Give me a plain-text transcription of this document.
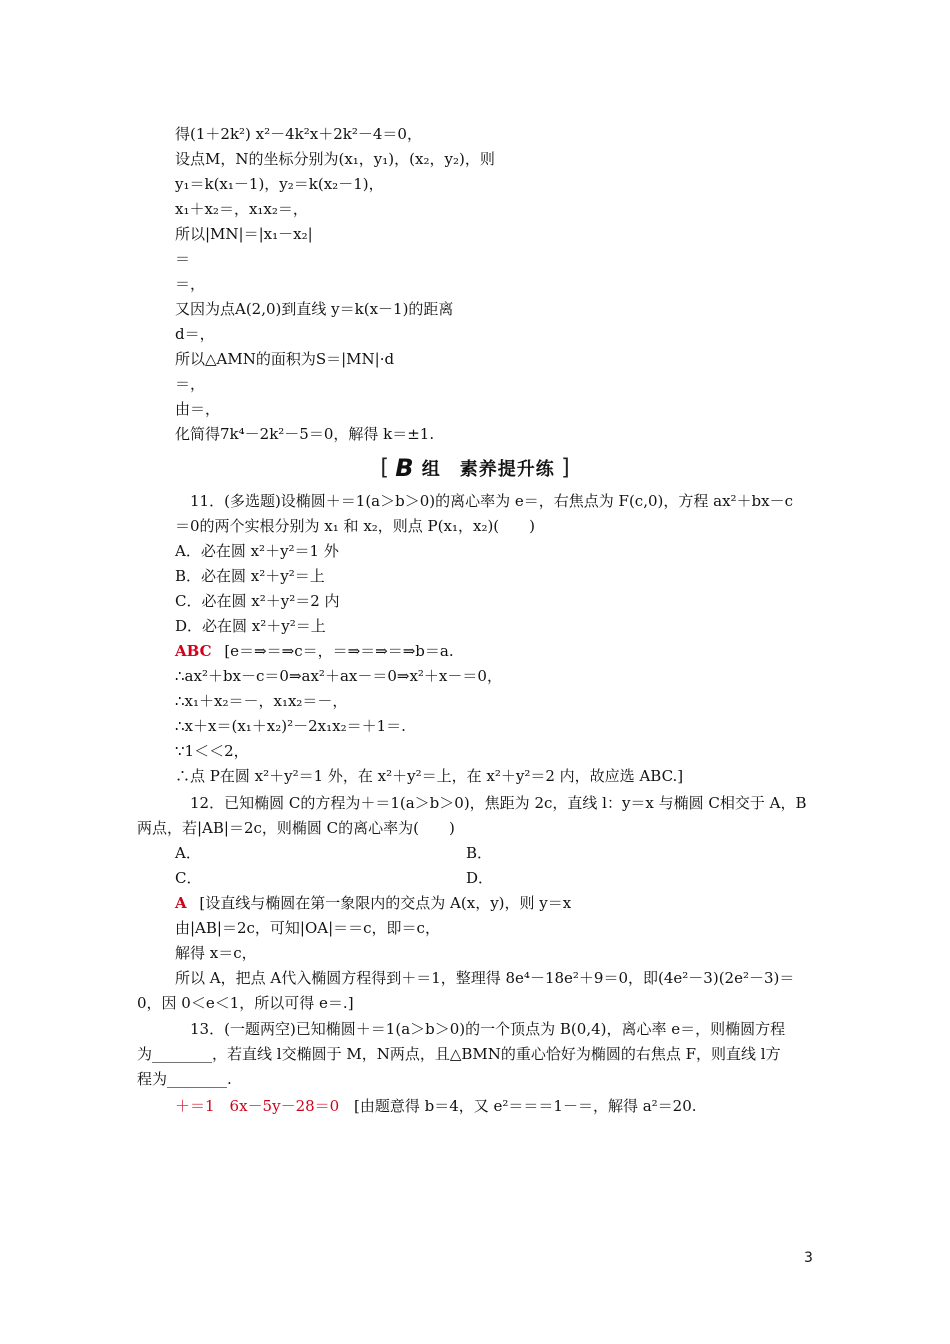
得(1＋2k²) x²－4k²x＋2k²－4＝0，
设点M，N的坐标分别为(x₁，y₁)，(x₂，y₂)，则
y₁＝k(x₁－1)，y₂＝k(x₂－1)，
x₁＋x₂＝，x₁x₂＝，
所以|MN|＝|x₁－x₂|
＝
＝，
又因为点A(2,0)到直线 y＝k(x－1)的距离
d＝，
所以△AMN的面积为S＝|MN|·d
＝，
由＝，
化简得7k⁴－2k²－5＝0，解得 k＝±1.
[ B 组　素养提升练 ]
11．(多选题)设椭圆＋＝1(a＞b＞0)的离心率为 e＝，右焦点为 F(c,0)，方程 ax²＋bx－c
＝0的两个实根分别为 x₁ 和 x₂，则点 P(x₁，x₂)(　　)
A．必在圆 x²＋y²＝1 外
B．必在圆 x²＋y²＝上
C．必在圆 x²＋y²＝2 内
D．必在圆 x²＋y²＝上
ABC [e＝⇒＝⇒c＝，＝⇒＝⇒＝⇒b＝a.
∴ax²＋bx－c＝0⇒ax²＋ax－＝0⇒x²＋x－＝0，
∴x₁＋x₂＝－，x₁x₂＝－，
∴x＋x＝(x₁＋x₂)²－2x₁x₂＝＋1＝.
∵1＜＜2，
∴点 P在圆 x²＋y²＝1 外，在 x²＋y²＝上，在 x²＋y²＝2 内，故应选 ABC.]
12．已知椭圆 C的方程为＋＝1(a＞b＞0)，焦距为 2c，直线 l：y＝x 与椭圆 C相交于 A，B
两点，若|AB|＝2c，则椭圆 C的离心率为(　　)
A．	B．
C．	D．
A [设直线与椭圆在第一象限内的交点为 A(x，y)，则 y＝x
由|AB|＝2c，可知|OA|＝＝c，即＝c，
解得 x＝c，
所以 A，把点 A代入椭圆方程得到＋＝1，整理得 8e⁴－18e²＋9＝0，即(4e²－3)(2e²－3)＝
0，因 0＜e＜1，所以可得 e＝.]
13．(一题两空)已知椭圆＋＝1(a＞b＞0)的一个顶点为 B(0,4)，离心率 e＝，则椭圆方程
为________，若直线 l交椭圆于 M，N两点，且△BMN的重心恰好为椭圆的右焦点 F，则直线 l方
程为________.
＋＝1　6x－5y－28＝0 [由题意得 b＝4，又 e²＝＝＝1－＝，解得 a²＝20.
3
